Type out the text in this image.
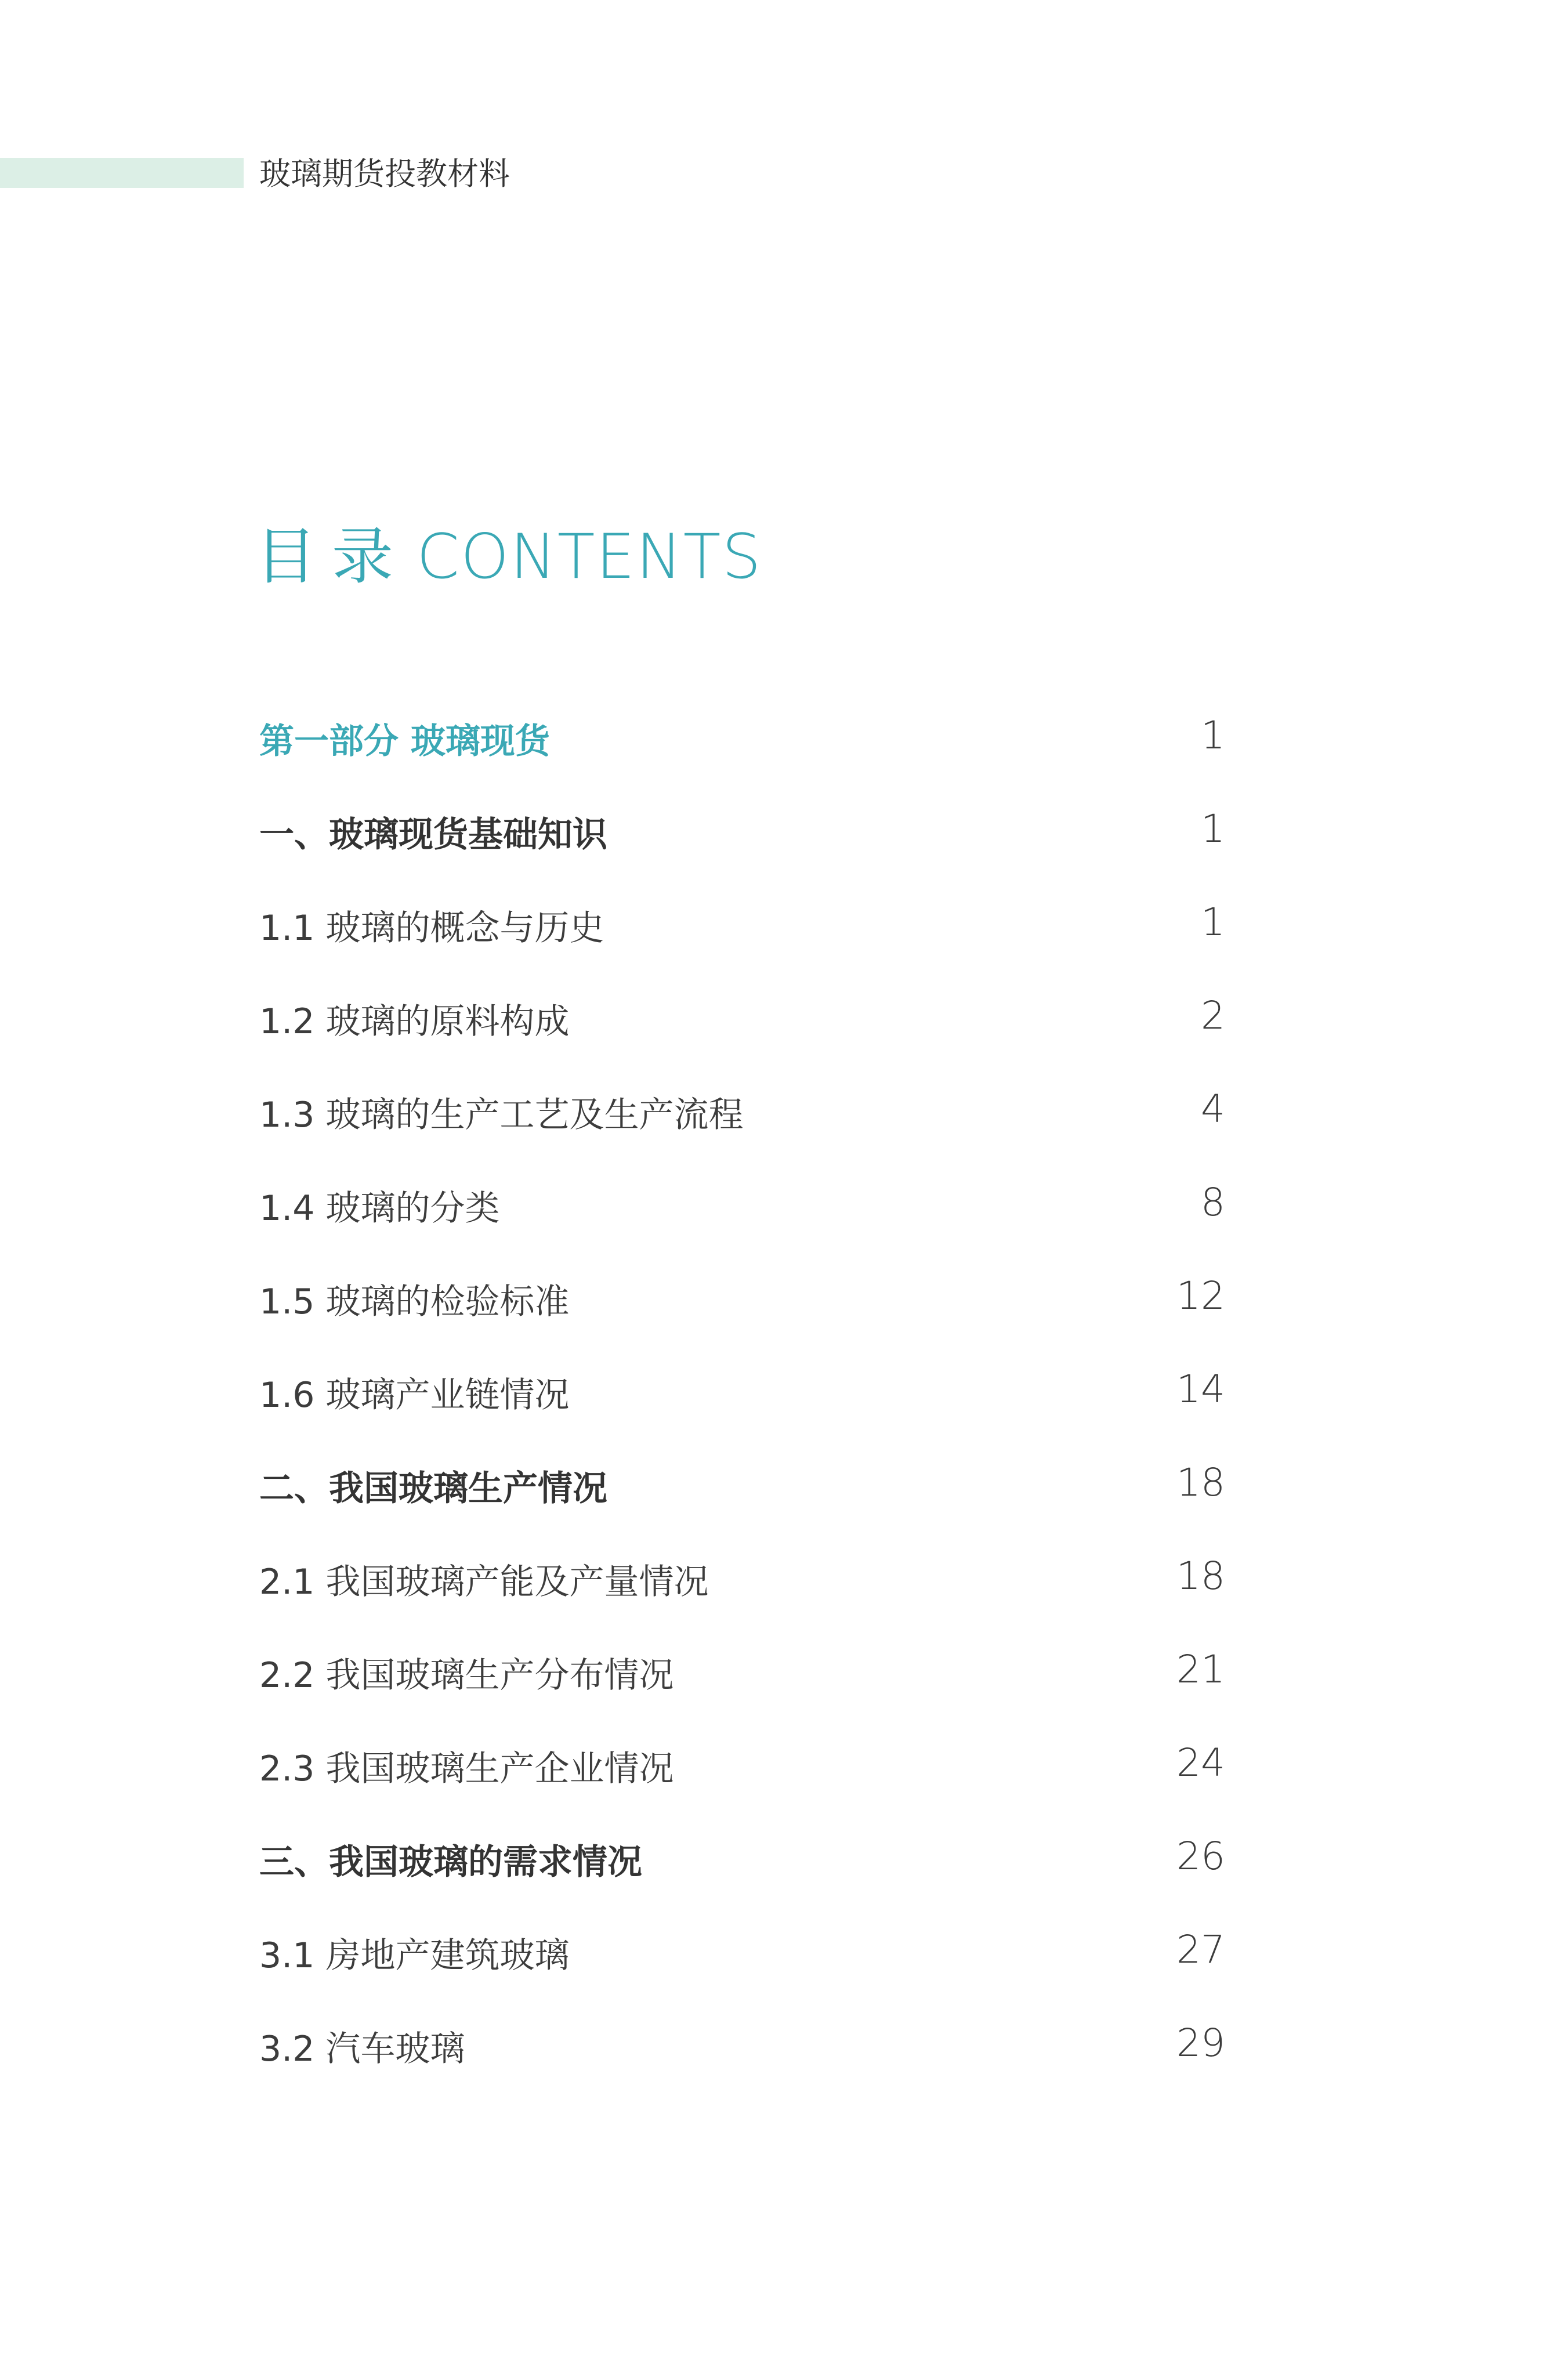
玻璃期货投教材料
目录 CONTENTS
第一部分 玻璃现货	1
一、玻璃现货基础知识	1
1.1 玻璃的概念与历史	1
1.2 玻璃的原料构成	2
1.3 玻璃的生产工艺及生产流程	4
1.4 玻璃的分类	8
1.5 玻璃的检验标准	12
1.6 玻璃产业链情况	14
二、我国玻璃生产情况	18
2.1 我国玻璃产能及产量情况	18
2.2 我国玻璃生产分布情况	21
2.3 我国玻璃生产企业情况	24
三、我国玻璃的需求情况	26
3.1 房地产建筑玻璃	27
3.2 汽车玻璃	29
